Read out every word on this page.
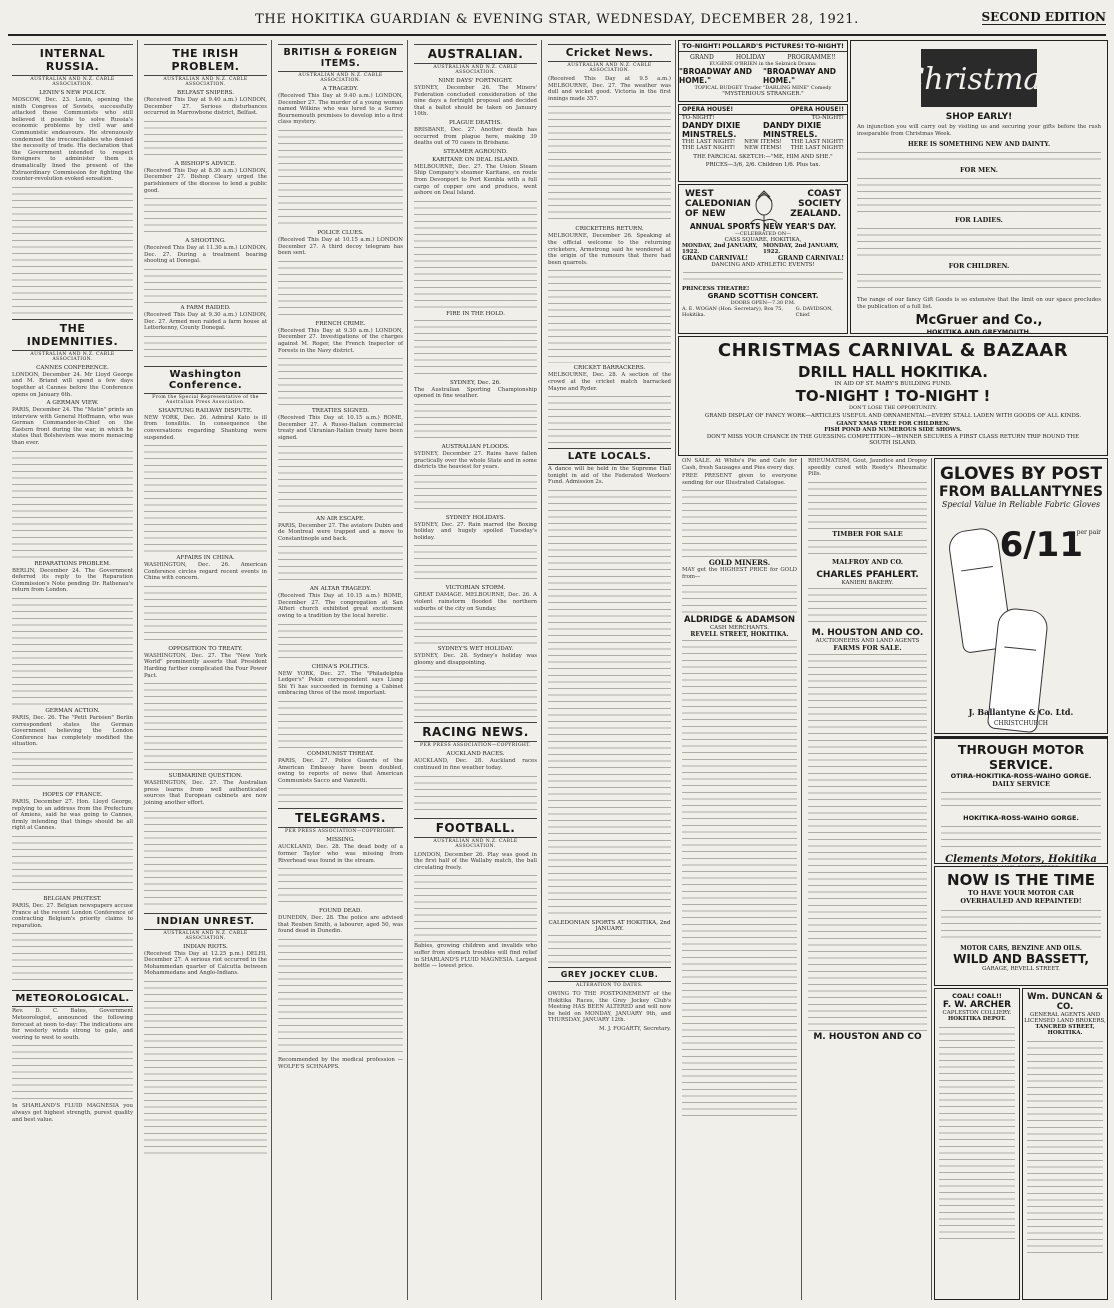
THE HOKITIKA GUARDIAN & EVENING STAR, WEDNESDAY, DECEMBER 28, 1921.	SECOND EDITION
INTERNAL RUSSIA.
AUSTRALIAN AND N.Z. CABLE ASSOCIATION.
LENIN'S NEW POLICY.

MOSCOW, Dec. 23. Lenin, opening the ninth Congress of Soviets, successfully attacked those Communists who still believed it possible to solve Russia's economic problems by civil war and Communistic endeavours. He strenuously condemned the irreconcilables who denied the necessity of trade. His declaration that the Government intended to respect foreigners to administer them is dramatically lined the present of the Extraordinary Commission for fighting the counter-revolution evoked sensation.

THE INDEMNITIES.
AUSTRALIAN AND N.Z. CABLE ASSOCIATION.
CANNES CONFERENCE.

LONDON, December 24. Mr Lloyd George and M. Briand will spend a few days together at Cannes before the Conference opens on January 6th.

A GERMAN VIEW.

PARIS, December 24. The "Matin" prints an interview with General Hoffmann, who was German Commander-in-Chief on the Eastern front during the war, in which he states that Bolshevism was more menacing than ever.

REPARATIONS PROBLEM.

BERLIN, December 24. The Government deferred its reply to the Reparation Commission's Note pending Dr. Rathenau's return from London.

GERMAN ACTION.

PARIS, Dec. 26. The "Petit Parisien" Berlin correspondent states the German Government believing the London Conference has completely modified the situation.

HOPES OF FRANCE.

PARIS, December 27. Hon. Lloyd George, replying to an address from the Prefecture of Amiens, said he was going to Cannes, firmly intending that things should be all right at Cannes.

BELGIAN PROTEST.

PARIS, Dec. 27. Belgian newspapers accuse France at the recent London Conference of contracting Belgium's priority claims to reparation.

METEOROLOGICAL.

Rev. D. C. Bates, Government Meteorologist, announced the following forecast at noon to-day: The indications are for westerly winds strong to gale, and veering to west to south.

In SHARLAND'S FLUID MAGNESIA you always get highest strength, purest quality and best value.

THE IRISH PROBLEM.
AUSTRALIAN AND N.Z. CABLE ASSOCIATION.
BELFAST SNIPERS.

(Received This Day at 9.40 a.m.) LONDON, December 27. Serious disturbances occurred in Marrowbone district, Belfast.

A BISHOP'S ADVICE.

(Received This Day at 8.30 a.m.) LONDON, December 27. Bishop Cleary urged the parishioners of the diocese to lend a public good.

A SHOOTING.

(Received This Day at 11.30 a.m.) LONDON, Dec. 27. During a treatment bearing shooting at Donegal.

A FARM RAIDED.

(Received This Day at 9.30 a.m.) LONDON, Dec. 27. Armed men raided a farm house at Letterkenny, County Donegal.

Washington Conference.
From the Special Representative of the Australian Press Association.
SHANTUNG RAILWAY DISPUTE.

NEW YORK, Dec. 26. Admiral Kato is ill from tonsilitis. In consequence the conversations regarding Shantung were suspended.

AFFAIRS IN CHINA.

WASHINGTON, Dec. 26. American Conference circles regard recent events in China with concern.

OPPOSITION TO TREATY.

WASHINGTON, Dec. 27. The "New York World" prominently asserts that President Harding further complicated the Four Power Pact.

SUBMARINE QUESTION.

WASHINGTON, Dec. 27. The Australian press learns from well authenticated sources that European cabinets are now joining another effort.

INDIAN UNREST.
AUSTRALIAN AND N.Z. CABLE ASSOCIATION.
INDIAN RIOTS.

(Received This Day at 12.25 p.m.) DELHI, December 27. A serious riot occurred in the Mohammedan quarter of Calcutta between Mohammedans and Anglo-Indians.

BRITISH & FOREIGN ITEMS.
AUSTRALIAN AND N.Z. CABLE ASSOCIATION.
A TRAGEDY.

(Received This Day at 9.40 a.m.) LONDON, December 27. The murder of a young woman named Wilkins who was lured to a Surrey Bournemouth premises to develop into a first class mystery.

POLICE CLUES.

(Received This Day at 10.15 a.m.) LONDON December 27. A third decoy telegram has been sent.

FRENCH CRIME.

(Received This Day at 9.30 a.m.) LONDON, December 27. Investigations of the charges against M. Roger, the French Inspector of Forests in the Navy district.

TREATIES SIGNED.

(Received This Day at 10.15 a.m.) ROME, December 27. A Russo-Italian commercial treaty and Ukranian-Italian treaty have been signed.

AN AIR ESCAPE.

PARIS, December 27. The aviators Dubin and de Montreal were trapped and a move to Constantinople and back.

AN ALTAR TRAGEDY.

(Received This Day at 10.15 a.m.) ROME, December 27. The congregation at San Alfieri church exhibited great excitement owing to a tradition by the local heretic.

CHINA'S POLITICS.

NEW YORK, Dec. 27. The "Philadelphia Ledger's" Pekin correspondent says Liang Shi Yi has succeeded in forming a Cabinet embracing three of the most important.

COMMUNIST THREAT.

PARIS, Dec. 27. Police Guards of the American Embassy have been doubled, owing to reports of news that American Communists Sacco and Vanzetti.

TELEGRAMS.
PER PRESS ASSOCIATION—COPYRIGHT.
MISSING.

AUCKLAND, Dec. 28. The dead body of a former Taylor who was missing from Riverhead was found in the stream.

FOUND DEAD.

DUNEDIN, Dec. 28. The police are advised that Reuben Smith, a labourer, aged 50, was found dead in Dunedin.

Recommended by the medical profession —WOLFE'S SCHNAPPS.

AUSTRALIAN.
AUSTRALIAN AND N.Z. CABLE ASSOCIATION.
NINE DAYS' FORTNIGHT.

SYDNEY, December 26. The Miners' Federation concluded consideration of the nine days a fortnight proposal and decided that a ballot should be taken on January 10th.

PLAGUE DEATHS.

BRISBANE, Dec. 27. Another death has occurred from plague here, making 39 deaths out of 70 cases in Brisbane.

STEAMER AGROUND.
KARITANE ON DEAL ISLAND.

MELBOURNE, Dec. 27. The Union Steam Ship Company's steamer Karitane, en route from Devonport to Port Kembla with a full cargo of copper ore and produce, went ashore on Deal Island.

FIRE IN THE HOLD.
SYDNEY, Dec. 26.

The Australian Sporting Championship opened in fine weather.

AUSTRALIAN FLOODS.

SYDNEY, December 27. Rains have fallen practically over the whole State and in some districts the heaviest for years.

SYDNEY HOLIDAYS.

SYDNEY, Dec. 27. Rain marred the Boxing holiday and hugely spoiled Tuesday's holiday.

VICTORIAN STORM.

GREAT DAMAGE. MELBOURNE, Dec. 26. A violent rainstorm flooded the northern suburbs of the city on Sunday.

SYDNEY'S WET HOLIDAY.

SYDNEY, Dec. 28. Sydney's holiday was gloomy and disappointing.

RACING NEWS.
PER PRESS ASSOCIATION—COPYRIGHT.
AUCKLAND RACES.

AUCKLAND, Dec. 28. Auckland races continued in fine weather today.

FOOTBALL.
AUSTRALIAN AND N.Z. CABLE ASSOCIATION.

LONDON, December 26. Play was good in the first half of the Wallaby match, the ball circulating freely.

Babies, growing children and invalids who suffer from stomach troubles will find relief in SHARLAND'S FLUID MAGNESIA. Largest bottle — lowest price.

Cricket News.
AUSTRALIAN AND N.Z. CABLE ASSOCIATION.

(Received This Day at 9.5 a.m.) MELBOURNE, Dec. 27. The weather was dull and wicket good. Victoria in the first innings made 357.

CRICKETERS RETURN.

MELBOURNE, December 26. Speaking at the official welcome to the returning cricketers, Armstrong said he wondered at the origin of the rumours that there had been quarrels.

CRICKET BARRACKERS.

MELBOURNE, Dec. 28. A section of the crowd at the cricket match barracked Mayne and Ryder.

LATE LOCALS.

A dance will be held in the Supreme Hall tonight in aid of the Federated Workers' Fund. Admission 2s.

CALEDONIAN SPORTS AT HOKITIKA, 2nd JANUARY.
GREY JOCKEY CLUB.
ALTERATION TO DATES.

OWING TO THE POSTPONEMENT of the Hokitika Races, the Grey Jockey Club's Meeting HAS BEEN ALTERED and will now be held on MONDAY, JANUARY 9th, and THURSDAY, JANUARY 12th.

M. J. FOGARTY, Secretary.

TO-NIGHT! POLLARD'S PICTURES! TO-NIGHT!
GRAND	HOLIDAY	PROGRAMME!!
EUGENE O'BRIEN in the Selznick Drama:
"BROADWAY AND HOME."
"BROADWAY AND HOME."
TOPICAL BUDGET Trader "DARLING MINE" Comedy
"MYSTERIOUS STRANGER."
OPERA HOUSE!	OPERA HOUSE!!
TO-NIGHT!	TO-NIGHT!
DANDY DIXIE MINSTRELS.
DANDY DIXIE MINSTRELS.
THE LAST NIGHT! NEW ITEMS! THE LAST NIGHT!
THE LAST NIGHT! NEW ITEMS! THE LAST NIGHT!
THE FARCICAL SKETCH:—"ME, HIM AND SHE."
PRICES—3/6, 2/6. Children 1/6. Plus tax.
WEST	COAST
CALEDONIAN	SOCIETY
OF NEW	ZEALAND.
ANNUAL SPORTS NEW YEAR'S DAY.
—CELEBRATED ON—
CASS SQUARE, HOKITIKA,
MONDAY, 2nd JANUARY, 1922.
MONDAY, 2nd JANUARY, 1922.
GRAND CARNIVAL!	GRAND CARNIVAL!
DANCING AND ATHLETIC EVENTS!
PRINCESS THEATRE!
GRAND SCOTTISH CONCERT.
DOORS OPEN—7.30 P.M.
A. E. WOGAN (Hon. Secretary), Box 75, Hokitika.
G. DAVIDSON, Chief.
Christmas
SHOP EARLY!

An injunction you will carry out by visiting us and securing your gifts before the rush inseparable from Christmas Week.

HERE IS SOMETHING NEW AND DAINTY.
FOR MEN.
FOR LADIES.
FOR CHILDREN.

The range of our fancy Gift Goods is so extensive that the limit on our space precludes the publication of a full list.

McGruer and Co.,
HOKITIKA AND GREYMOUTH.
CHRISTMAS CARNIVAL & BAZAAR
DRILL HALL HOKITIKA.
IN AID OF ST. MARY'S BUILDING FUND.
TO-NIGHT ! TO-NIGHT !
DON'T LOSE THE OPPORTUNITY.
GRAND DISPLAY OF FANCY WORK—ARTICLES USEFUL AND ORNAMENTAL—EVERY STALL LADEN WITH GOODS OF ALL KINDS.
GIANT XMAS TREE FOR CHILDREN.
FISH POND AND NUMEROUS SIDE SHOWS.
DON'T MISS YOUR CHANCE IN THE GUESSING COMPETITION—WINNER SECURES A FIRST CLASS RETURN TRIP ROUND THE SOUTH ISLAND.

ON SALE. At White's Pie and Cafe for Cash, fresh Sausages and Pies every day.

FREE PRESENT given to everyone sending for our Illustrated Catalogue.

GOLD MINERS.

MAY get the HIGHEST PRICE for GOLD from—

ALDRIDGE & ADAMSON
CASH MERCHANTS.
REVELL STREET, HOKITIKA.

RHEUMATISM, Gout, Jaundice and Dropsy speedily cured with Reedy's Rheumatic Pills.

TIMBER FOR SALE
MALFROY AND CO.
CHARLES PFAHLERT.
KANIERI BAKERY.
M. HOUSTON AND CO.
AUCTIONEERS AND LAND AGENTS
FARMS FOR SALE.
M. HOUSTON AND CO
GLOVES BY POST
FROM BALLANTYNES
Special Value in Reliable Fabric Gloves
6/11
per pair
J. Ballantyne & Co. Ltd.
CHRISTCHURCH
THROUGH MOTOR SERVICE.
OTIRA-HOKITIKA-ROSS-WAIHO GORGE.
DAILY SERVICE
HOKITIKA-ROSS-WAIHO GORGE.
Clements Motors, Hokitika
NOW IS THE TIME
TO HAVE YOUR MOTOR CAR OVERHAULED AND REPAINTED!
MOTOR CARS, BENZINE AND OILS.
WILD AND BASSETT,
GARAGE, REVELL STREET.
COAL! COAL!!
F. W. ARCHER
CAPLESTON COLLIERY.
HOKITIKA DEPOT.
Wm. DUNCAN & CO.
GENERAL AGENTS AND LICENSED LAND BROKERS,
TANCRED STREET, HOKITIKA.
